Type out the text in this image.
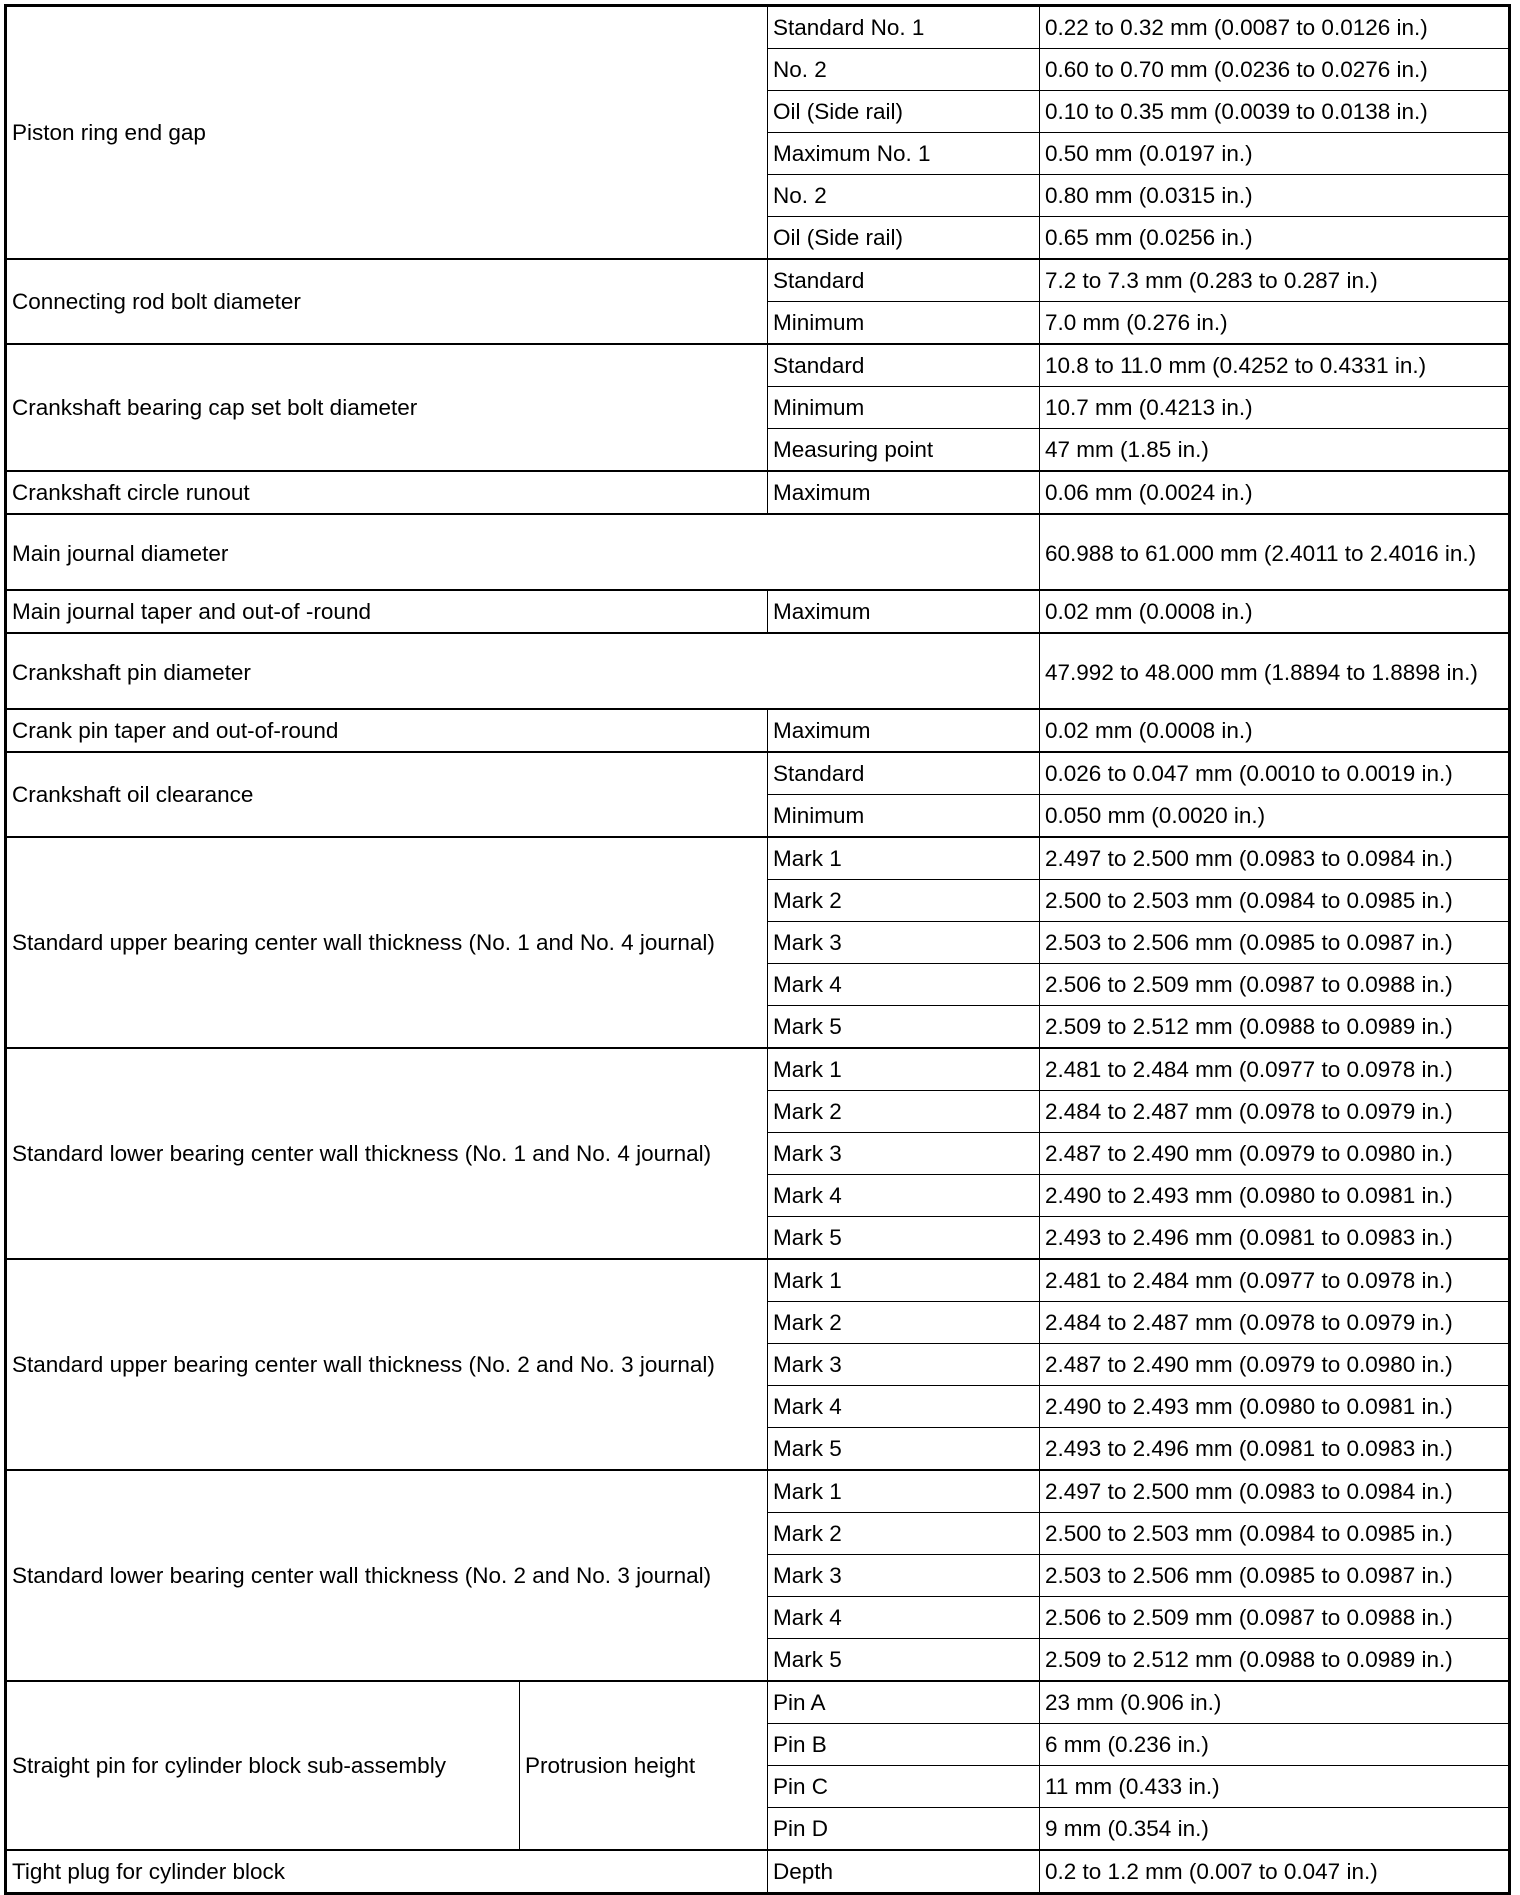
Piston ring end gap		Standard No. 1	0.22 to 0.32 mm (0.0087 to 0.0126 in.)
		No. 2	0.60 to 0.70 mm (0.0236 to 0.0276 in.)
		Oil (Side rail)	0.10 to 0.35 mm (0.0039 to 0.0138 in.)
		Maximum No. 1	0.50 mm (0.0197 in.)
		No. 2	0.80 mm (0.0315 in.)
		Oil (Side rail)	0.65 mm (0.0256 in.)
Connecting rod bolt diameter		Standard	7.2 to 7.3 mm (0.283 to 0.287 in.)
		Minimum	7.0 mm (0.276 in.)
Crankshaft bearing cap set bolt diameter		Standard	10.8 to 11.0 mm (0.4252 to 0.4331 in.)
		Minimum	10.7 mm (0.4213 in.)
		Measuring point	47 mm (1.85 in.)
Crankshaft circle runout		Maximum	0.06 mm (0.0024 in.)
Main journal diameter			60.988 to 61.000 mm (2.4011 to 2.4016 in.)
Main journal taper and out-of -round		Maximum	0.02 mm (0.0008 in.)
Crankshaft pin diameter			47.992 to 48.000 mm (1.8894 to 1.8898 in.)
Crank pin taper and out-of-round		Maximum	0.02 mm (0.0008 in.)
Crankshaft oil clearance		Standard	0.026 to 0.047 mm (0.0010 to 0.0019 in.)
		Minimum	0.050 mm (0.0020 in.)
Standard upper bearing center wall thickness (No. 1 and No. 4 journal)		Mark 1	2.497 to 2.500 mm (0.0983 to 0.0984 in.)
		Mark 2	2.500 to 2.503 mm (0.0984 to 0.0985 in.)
		Mark 3	2.503 to 2.506 mm (0.0985 to 0.0987 in.)
		Mark 4	2.506 to 2.509 mm (0.0987 to 0.0988 in.)
		Mark 5	2.509 to 2.512 mm (0.0988 to 0.0989 in.)
Standard lower bearing center wall thickness (No. 1 and No. 4 journal)		Mark 1	2.481 to 2.484 mm (0.0977 to 0.0978 in.)
		Mark 2	2.484 to 2.487 mm (0.0978 to 0.0979 in.)
		Mark 3	2.487 to 2.490 mm (0.0979 to 0.0980 in.)
		Mark 4	2.490 to 2.493 mm (0.0980 to 0.0981 in.)
		Mark 5	2.493 to 2.496 mm (0.0981 to 0.0983 in.)
Standard upper bearing center wall thickness (No. 2 and No. 3 journal)		Mark 1	2.481 to 2.484 mm (0.0977 to 0.0978 in.)
		Mark 2	2.484 to 2.487 mm (0.0978 to 0.0979 in.)
		Mark 3	2.487 to 2.490 mm (0.0979 to 0.0980 in.)
		Mark 4	2.490 to 2.493 mm (0.0980 to 0.0981 in.)
		Mark 5	2.493 to 2.496 mm (0.0981 to 0.0983 in.)
Standard lower bearing center wall thickness (No. 2 and No. 3 journal)		Mark 1	2.497 to 2.500 mm (0.0983 to 0.0984 in.)
		Mark 2	2.500 to 2.503 mm (0.0984 to 0.0985 in.)
		Mark 3	2.503 to 2.506 mm (0.0985 to 0.0987 in.)
		Mark 4	2.506 to 2.509 mm (0.0987 to 0.0988 in.)
		Mark 5	2.509 to 2.512 mm (0.0988 to 0.0989 in.)
Straight pin for cylinder block sub-assembly	Protrusion height	Pin A	23 mm (0.906 in.)
		Pin B	6 mm (0.236 in.)
		Pin C	11 mm (0.433 in.)
		Pin D	9 mm (0.354 in.)
Tight plug for cylinder block		Depth	0.2 to 1.2 mm (0.007 to 0.047 in.)
